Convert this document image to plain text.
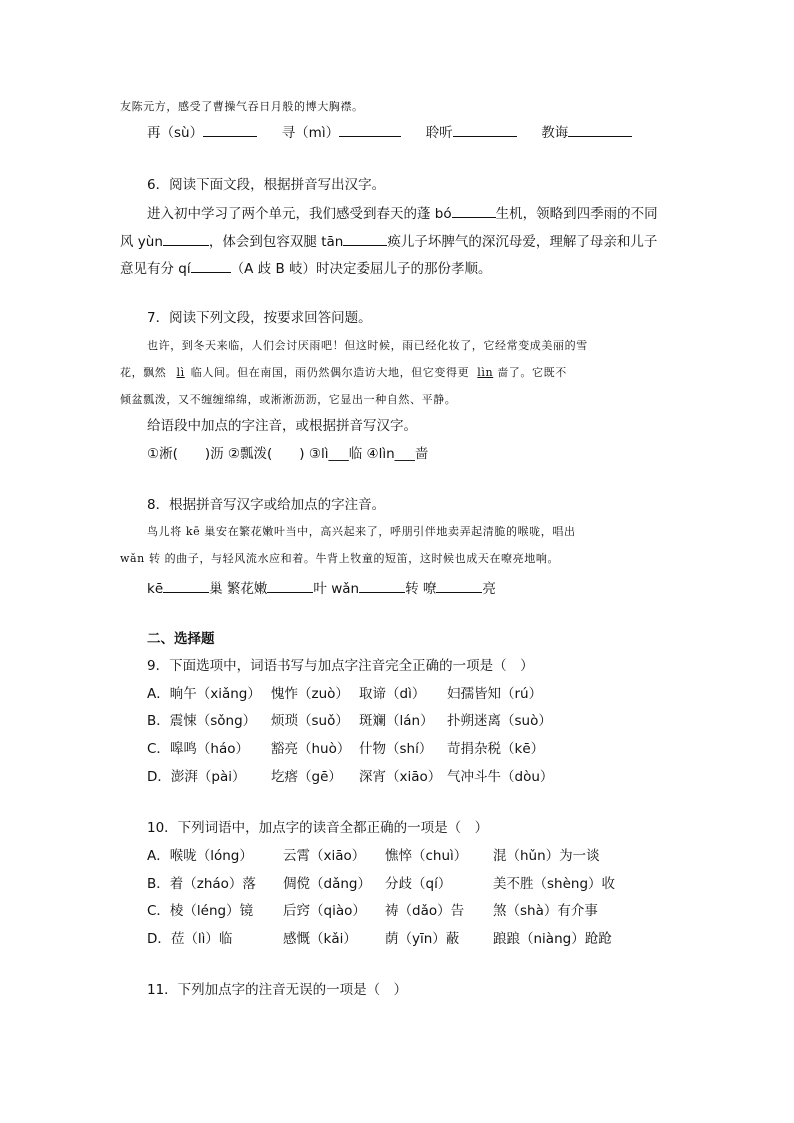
友陈元方，感受了曹操气吞日月般的博大胸襟。
再（sù）	寻（mì）	聆听	教诲
6．阅读下面文段，根据拼音写出汉字。
进入初中学习了两个单元，我们感受到春天的蓬 bó	生机，领略到四季雨的不同
风 yùn	，体会到包容双腿 tān	痪儿子坏脾气的深沉母爱，理解了母亲和儿子
意见有分 qí	（A 歧 B 岐）时决定委屈儿子的那份孝顺。
7．阅读下列文段，按要求回答问题。
也许，到冬天来临，人们会讨厌雨吧！但这时候，雨已经化妆了，它经常变成美丽的雪
花，飘然 lì 临人间。但在南国，雨仍然偶尔造访大地，但它变得更 lìn 啬了。它既不
倾盆瓢泼，又不缠缠绵绵，或淅淅沥沥，它显出一种自然、平静。
给语段中加点的字注音，或根据拼音写汉字。
①淅(　　)沥 ②瓢泼(　　) ③lì___临 ④lìn___啬
8．根据拼音写汉字或给加点的字注音。
鸟儿将 kē 巢安在繁花嫩叶当中，高兴起来了，呼朋引伴地卖弄起清脆的喉咙，唱出
wǎn 转 的曲子，与轻风流水应和着。牛背上牧童的短笛，这时候也成天在嘹亮地响。
kē	巢 繁花嫩	叶 wǎn	转 嘹	亮
二、选择题
9．下面选项中，词语书写与加点字注音完全正确的一项是（　）
A．晌午（xiǎng） 愧怍（zuò） 取谛（dì） 妇孺皆知（rú）
B．震悚（sǒng） 烦琐（suǒ） 斑斓（lán） 扑朔迷离（suò）
C．嗥鸣（háo） 豁亮（huò） 什物（shí） 苛捐杂税（kē）
D．澎湃（pài） 圪瘩（gē） 深宵（xiāo） 气冲斗牛（dòu）
10．下列词语中，加点字的读音全都正确的一项是（　）
A．喉咙（lóng） 云霄（xiāo） 憔悴（chuì） 混（hǔn）为一谈
B．着（zháo）落 倜傥（dǎng） 分歧（qí）	美不胜（shèng）收
C．棱（léng）镜 后窍（qiào） 祷（dǎo）告 煞（shà）有介事
D．莅（lì）临	感慨（kǎi） 荫（yīn）蔽 踉踉（niàng）跄跄
11．下列加点字的注音无误的一项是（　）
